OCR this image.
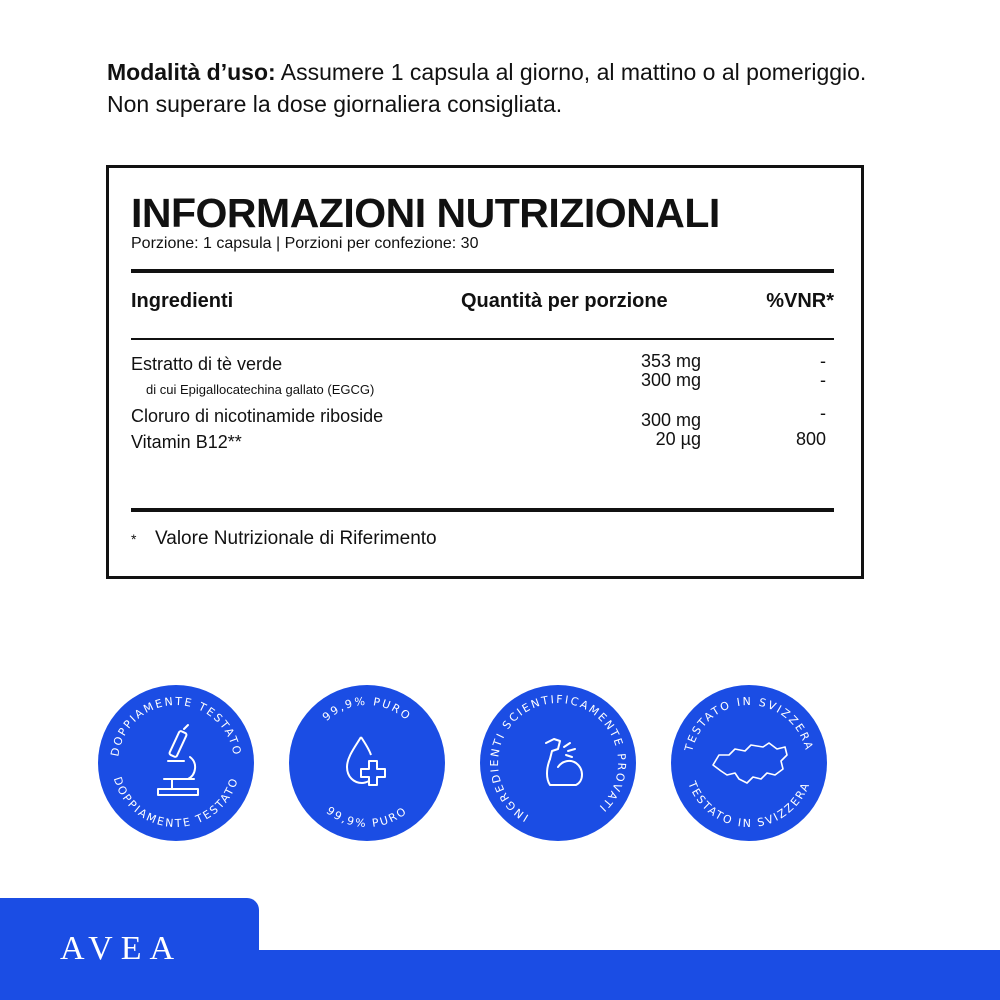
Modalità d’uso: Assumere 1 capsula al giorno, al mattino o al pomeriggio. Non superare la dose giornaliera consigliata.
INFORMAZIONI NUTRIZIONALI
Porzione: 1 capsula | Porzioni per confezione: 30
Ingredienti	Quantità per porzione	%VNR*
Estratto di tè verde	353 mg	-
di cui Epigallocatechina gallato (EGCG)	300 mg	-
Cloruro di nicotinamide riboside	300 mg	-
Vitamin B12**	20 µg	800
* Valore Nutrizionale di Riferimento
DOPPIAMENTE TESTATO
DOPPIAMENTE TESTATO
99,9% PURO
99,9% PURO	INGREDIENTI SCIENTIFICAMENTE PROVATI
TESTATO IN SVIZZERA
TESTATO IN SVIZZERA
AVEA
